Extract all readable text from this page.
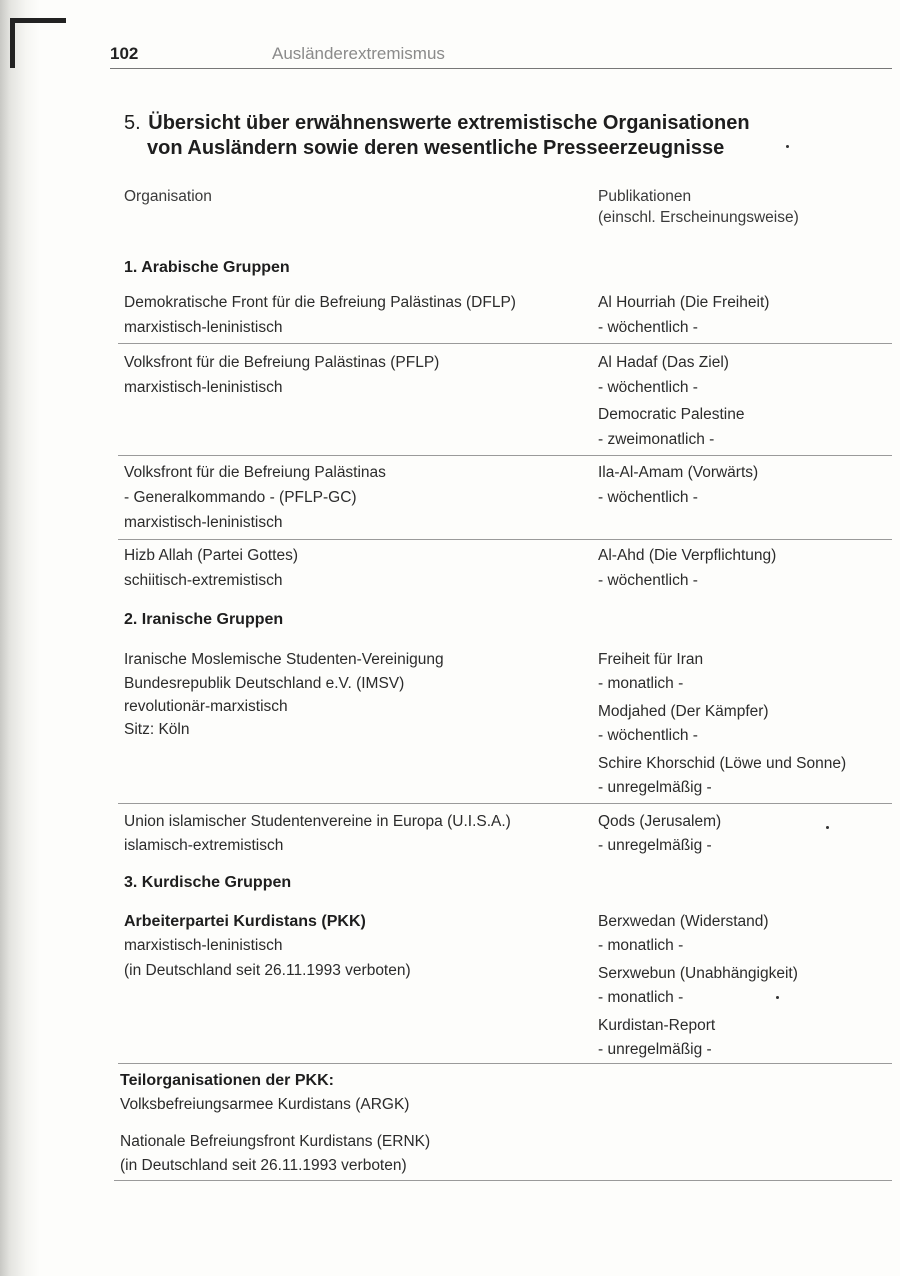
102	Ausländerextremismus
5. Übersicht über erwähnenswerte extremistische Organisationen
von Ausländern sowie deren wesentliche Presseerzeugnisse
Organisation	Publikationen
(einschl. Erscheinungsweise)
1. Arabische Gruppen
Demokratische Front für die Befreiung Palästinas (DFLP)
marxistisch-leninistisch
Al Hourriah (Die Freiheit)
- wöchentlich -
Volksfront für die Befreiung Palästinas (PFLP)
marxistisch-leninistisch
Al Hadaf (Das Ziel)
- wöchentlich -
Democratic Palestine
- zweimonatlich -
Volksfront für die Befreiung Palästinas
- Generalkommando - (PFLP-GC)
marxistisch-leninistisch
Ila-Al-Amam (Vorwärts)
- wöchentlich -
Hizb Allah (Partei Gottes)
schiitisch-extremistisch
Al-Ahd (Die Verpflichtung)
- wöchentlich -
2. Iranische Gruppen
Iranische Moslemische Studenten-Vereinigung
Bundesrepublik Deutschland e.V. (IMSV)
revolutionär-marxistisch
Sitz: Köln
Freiheit für Iran
- monatlich -
Modjahed (Der Kämpfer)
- wöchentlich -
Schire Khorschid (Löwe und Sonne)
- unregelmäßig -
Union islamischer Studentenvereine in Europa (U.I.S.A.)
islamisch-extremistisch
Qods (Jerusalem)
- unregelmäßig -
3. Kurdische Gruppen
Arbeiterpartei Kurdistans (PKK)
marxistisch-leninistisch
(in Deutschland seit 26.11.1993 verboten)
Berxwedan (Widerstand)
- monatlich -
Serxwebun (Unabhängigkeit)
- monatlich -
Kurdistan-Report
- unregelmäßig -
Teilorganisationen der PKK:
Volksbefreiungsarmee Kurdistans (ARGK)
Nationale Befreiungsfront Kurdistans (ERNK)
(in Deutschland seit 26.11.1993 verboten)
